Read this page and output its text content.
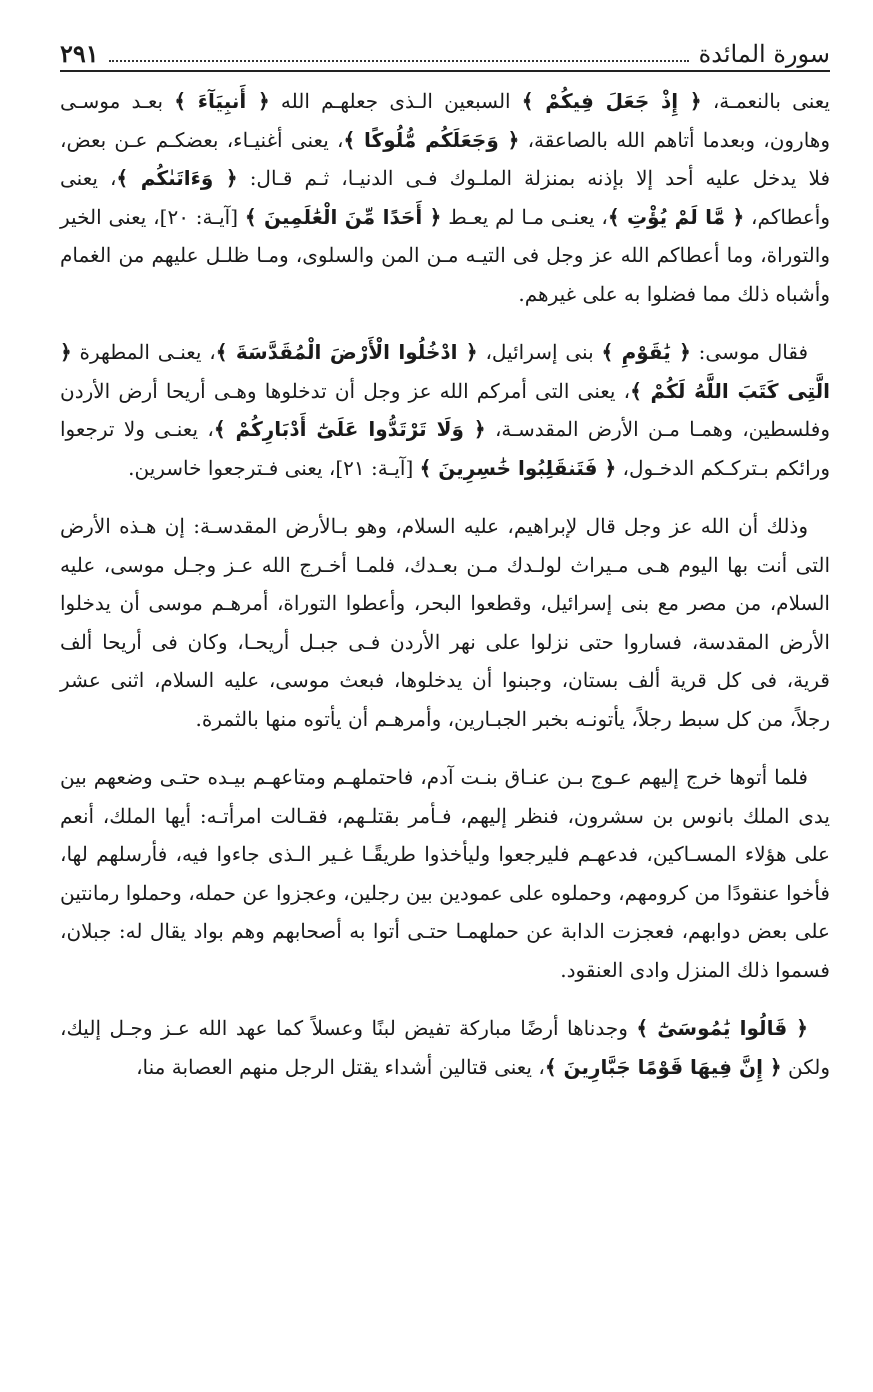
سورة المائدة
٢٩١

يعنى بالنعمـة، ﴿ إِذْ جَعَلَ فِيكُمْ ﴾ السبعين الـذى جعلهـم الله ﴿ أَنبِيَآءَ ﴾ بعـد موسـى وهارون، وبعدما أتاهم الله بالصاعقة، ﴿ وَجَعَلَكُم مُّلُوكًا ﴾، يعنى أغنيـاء، بعضكـم عـن بعض، فلا يدخل عليه أحد إلا بإذنه بمنزلة الملـوك فـى الدنيـا، ثـم قـال: ﴿ وَءَاتَىٰكُم ﴾، يعنى وأعطاكم، ﴿ مَّا لَمْ يُؤْتِ ﴾، يعنـى مـا لم يعـط ﴿ أَحَدًا مِّنَ الْعَٰلَمِينَ ﴾ [آيـة: ٢٠]، يعنى الخير والتوراة، وما أعطاكم الله عز وجل فى التيـه مـن المن والسلوى، ومـا ظلـل عليهم من الغمام وأشباه ذلك مما فضلوا به على غيرهم.

فقال موسى: ﴿ يَٰقَوْمِ ﴾ بنى إسرائيل، ﴿ ادْخُلُوا الْأَرْضَ الْمُقَدَّسَةَ ﴾، يعنـى المطهرة ﴿ الَّتِى كَتَبَ اللَّهُ لَكُمْ ﴾، يعنى التى أمركم الله عز وجل أن تدخلوها وهـى أريحا أرض الأردن وفلسطين، وهمـا مـن الأرض المقدسـة، ﴿ وَلَا تَرْتَدُّوا عَلَىٰٓ أَدْبَارِكُمْ ﴾، يعنـى ولا ترجعوا ورائكم بـتركـكم الدخـول، ﴿ فَتَنقَلِبُوا خَٰسِرِينَ ﴾ [آيـة: ٢١]، يعنى فـترجعوا خاسرين.

وذلك أن الله عز وجل قال لإبراهيم، عليه السلام، وهو بـالأرض المقدسـة: إن هـذه الأرض التى أنت بها اليوم هـى مـيراث لولـدك مـن بعـدك، فلمـا أخـرج الله عـز وجـل موسى، عليه السلام، من مصر مع بنى إسرائيل، وقطعوا البحر، وأعطوا التوراة، أمرهـم موسى أن يدخلوا الأرض المقدسة، فساروا حتى نزلوا على نهر الأردن فـى جبـل أريحـا، وكان فى أريحا ألف قرية، فى كل قرية ألف بستان، وجبنوا أن يدخلوها، فبعث موسى، عليه السلام، اثنى عشر رجلاً، من كل سبط رجلاً، يأتونـه بخبر الجبـارين، وأمرهـم أن يأتوه منها بالثمرة.

فلما أتوها خرج إليهم عـوج بـن عنـاق بنـت آدم، فاحتملهـم ومتاعهـم بيـده حتـى وضعهم بين يدى الملك بانوس بن سشرون، فنظر إليهم، فـأمر بقتلـهم، فقـالت امرأتـه: أيها الملك، أنعم على هؤلاء المسـاكين، فدعهـم فليرجعوا وليأخذوا طريقًـا غـير الـذى جاءوا فيه، فأرسلهم لها، فأخوا عنقودًا من كرومهم، وحملوه على عمودين بين رجلين، وعجزوا عن حمله، وحملوا رمانتين على بعض دوابهم، فعجزت الدابة عن حملهمـا حتـى أتوا به أصحابهم وهم بواد يقال له: جبلان، فسموا ذلك المنزل وادى العنقود.

﴿ قَالُوا يَٰمُوسَىٰٓ ﴾ وجدناها أرضًا مباركة تفيض لبنًا وعسلاً كما عهد الله عـز وجـل إليك، ولكن ﴿ إِنَّ فِيهَا قَوْمًا جَبَّارِينَ ﴾، يعنى قتالين أشداء يقتل الرجل منهم العصابة منا،
